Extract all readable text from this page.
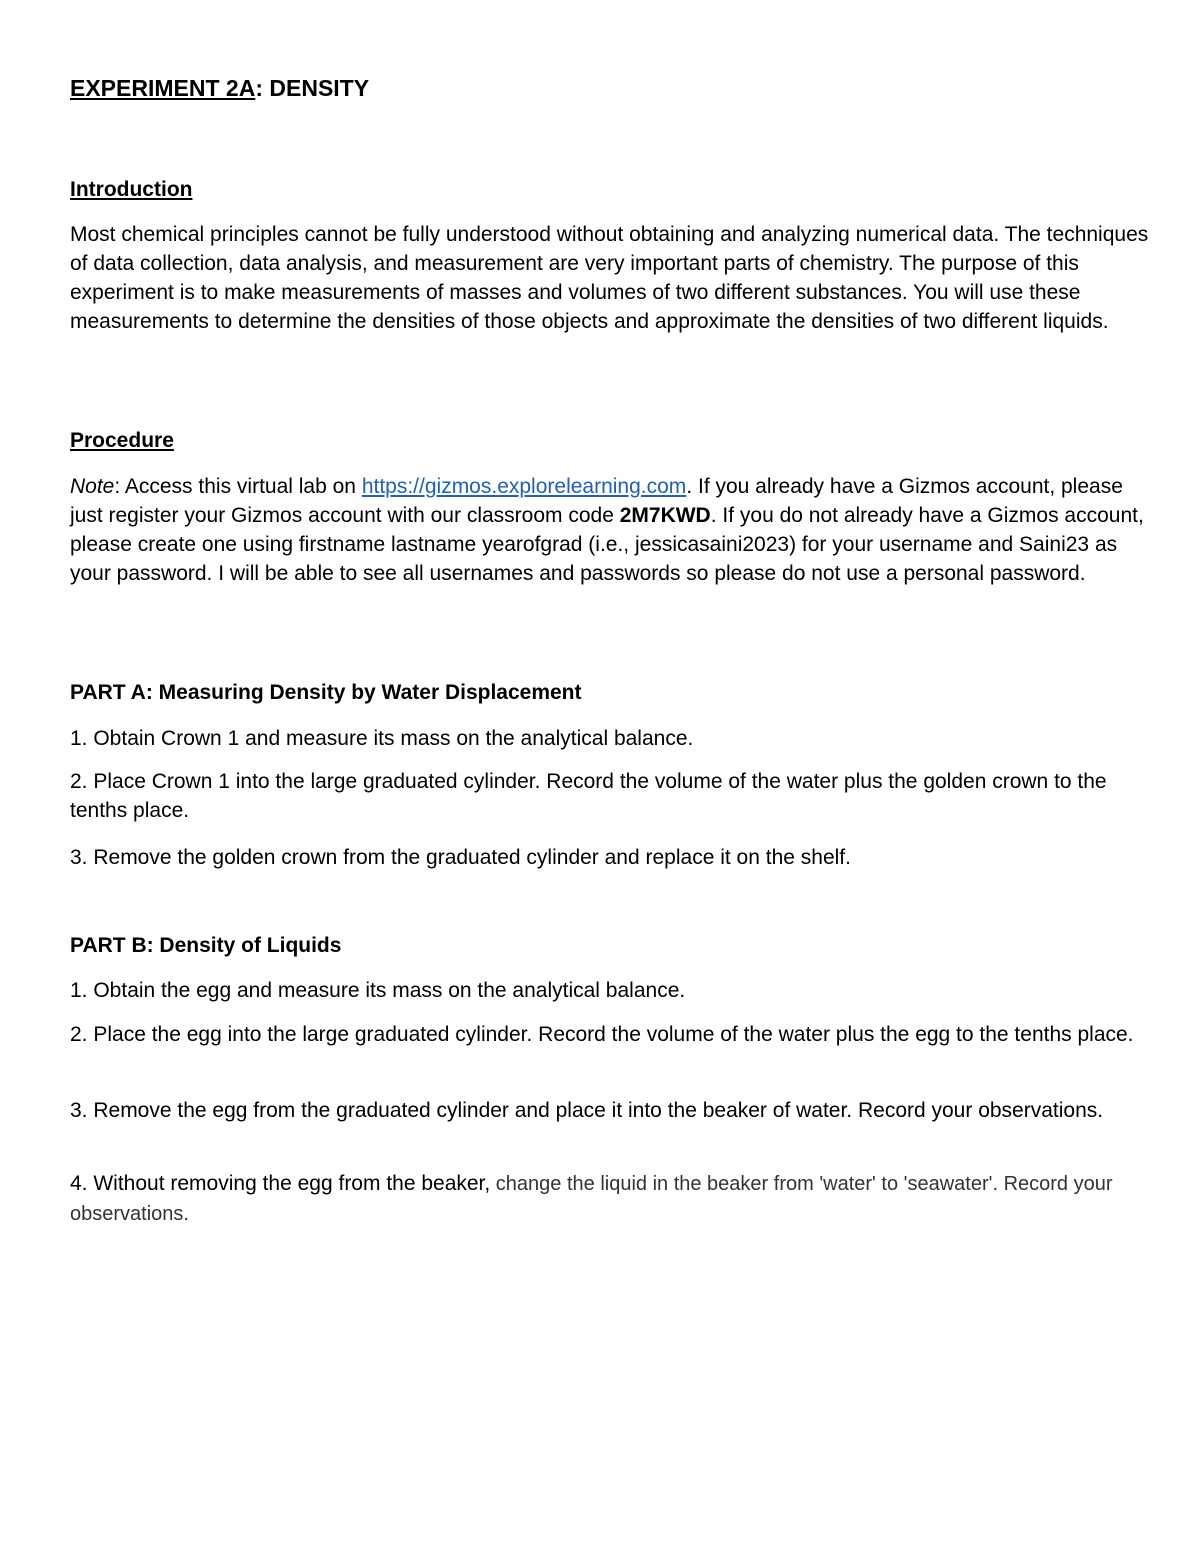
EXPERIMENT 2A: DENSITY
Introduction

Most chemical principles cannot be fully understood without obtaining and analyzing numerical data. The techniques of data collection, data analysis, and measurement are very important parts of chemistry. The purpose of this experiment is to make measurements of masses and volumes of two different substances. You will use these measurements to determine the densities of those objects and approximate the densities of two different liquids.

Procedure

Note: Access this virtual lab on https://gizmos.explorelearning.com. If you already have a Gizmos account, please just register your Gizmos account with our classroom code 2M7KWD. If you do not already have a Gizmos account, please create one using firstname lastname yearofgrad (i.e., jessicasaini2023) for your username and Saini23 as your password. I will be able to see all usernames and passwords so please do not use a personal password.

PART A: Measuring Density by Water Displacement

1. Obtain Crown 1 and measure its mass on the analytical balance.

2. Place Crown 1 into the large graduated cylinder. Record the volume of the water plus the golden crown to the tenths place.

3. Remove the golden crown from the graduated cylinder and replace it on the shelf.

PART B: Density of Liquids

1. Obtain the egg and measure its mass on the analytical balance.

2. Place the egg into the large graduated cylinder. Record the volume of the water plus the egg to the tenths place.

3. Remove the egg from the graduated cylinder and place it into the beaker of water. Record your observations.

4. Without removing the egg from the beaker, change the liquid in the beaker from 'water' to 'seawater'. Record your observations.
